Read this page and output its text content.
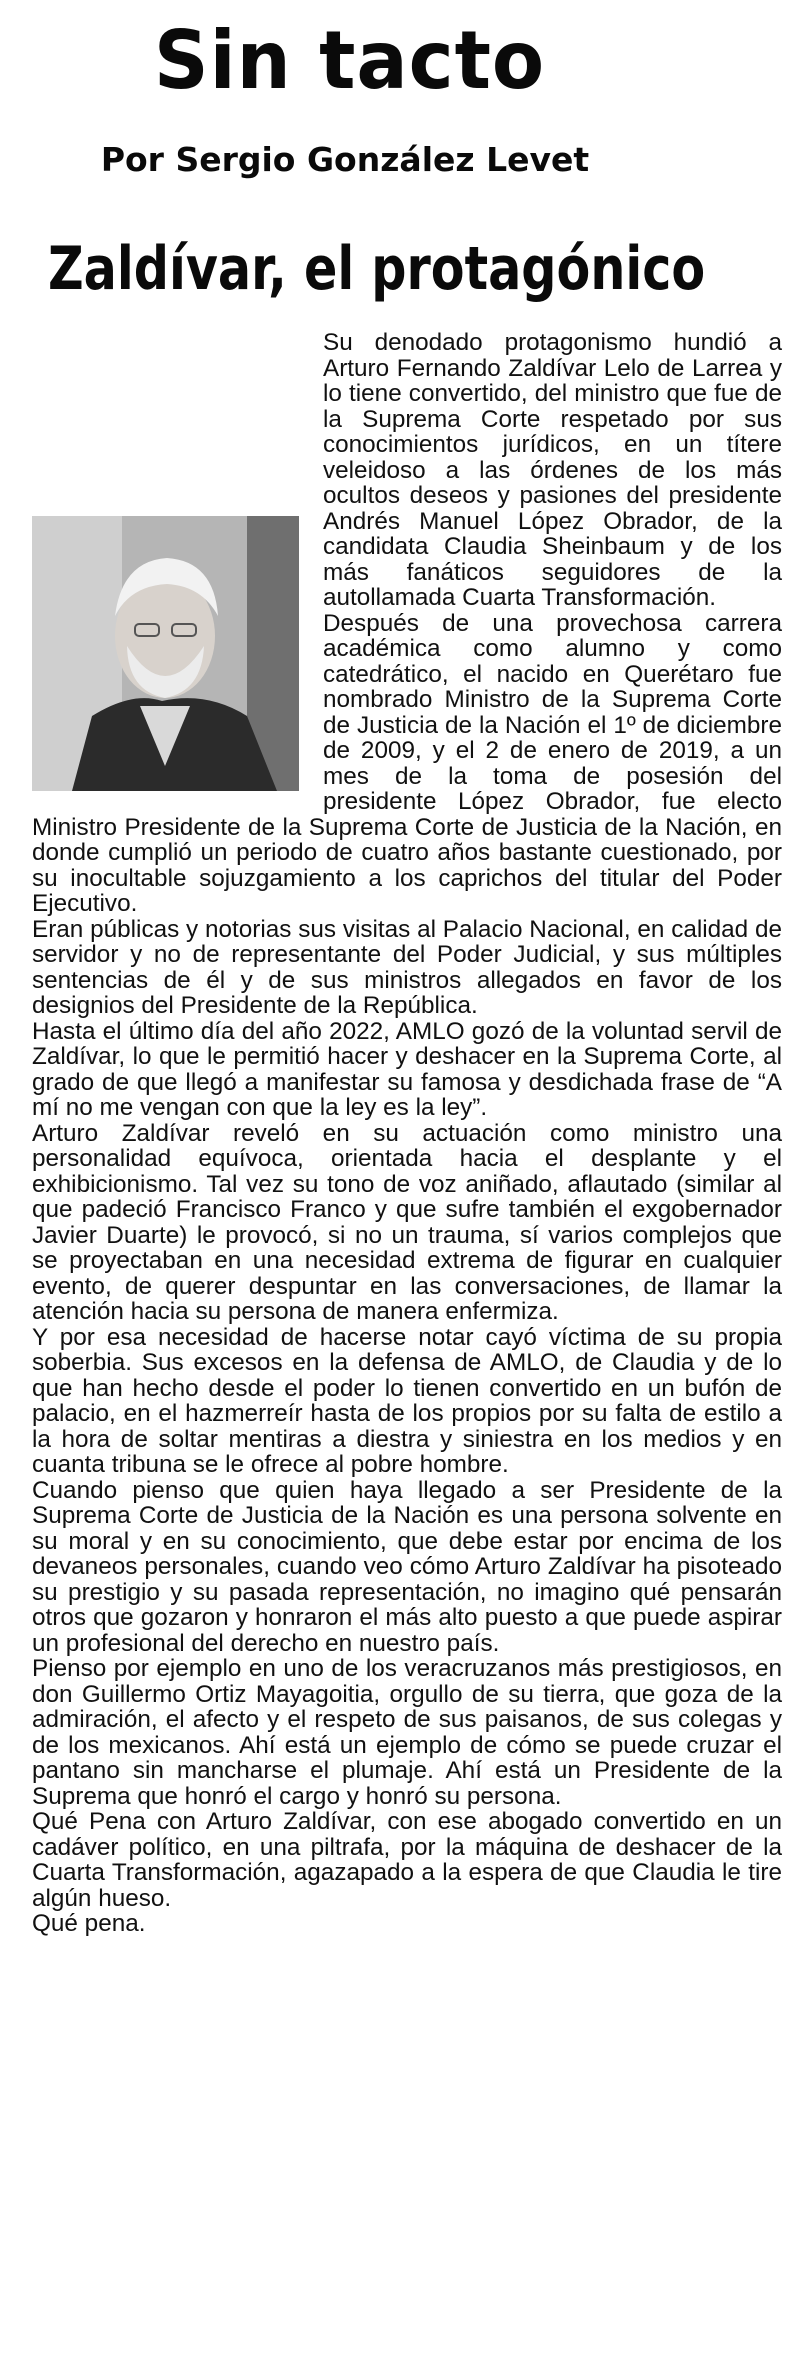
Sin tacto
Por Sergio González Levet
Zaldívar, el protagónico

Su denodado protagonismo hundió a Arturo Fernando Zaldívar Lelo de Larrea y lo tiene convertido, del ministro que fue de la Suprema Corte respetado por sus conocimientos jurídicos, en un títere veleidoso a las órdenes de los más ocultos deseos y pasiones del presidente Andrés Manuel López Obrador, de la candidata Claudia Sheinbaum y de los más fanáticos seguidores de la autollamada Cuarta Transformación.

Después de una provechosa carrera académica como alumno y como catedrático, el nacido en Querétaro fue nombrado Ministro de la Suprema Corte de Justicia de la Nación el 1º de diciembre de 2009, y el 2 de enero de 2019, a un mes de la toma de posesión del presidente López Obrador, fue electo Ministro Presidente de la Suprema Corte de Justicia de la Nación, en donde cumplió un periodo de cuatro años bastante cuestionado, por su inocultable sojuzgamiento a los caprichos del titular del Poder Ejecutivo.

Eran públicas y notorias sus visitas al Palacio Nacional, en calidad de servidor y no de representante del Poder Judicial, y sus múltiples sentencias de él y de sus ministros allegados en favor de los designios del Presidente de la República.

Hasta el último día del año 2022, AMLO gozó de la voluntad servil de Zaldívar, lo que le permitió hacer y deshacer en la Suprema Corte, al grado de que llegó a manifestar su famosa y desdichada frase de “A mí no me vengan con que la ley es la ley”.

Arturo Zaldívar reveló en su actuación como ministro una personalidad equívoca, orientada hacia el desplante y el exhibicionismo. Tal vez su tono de voz aniñado, aflautado (similar al que padeció Francisco Franco y que sufre también el exgobernador Javier Duarte) le provocó, si no un trauma, sí varios complejos que se proyectaban en una necesidad extrema de figurar en cualquier evento, de querer despuntar en las conversaciones, de llamar la atención hacia su persona de manera enfermiza.

Y por esa necesidad de hacerse notar cayó víctima de su propia soberbia. Sus excesos en la defensa de AMLO, de Claudia y de lo que han hecho desde el poder lo tienen convertido en un bufón de palacio, en el hazmerreír hasta de los propios por su falta de estilo a la hora de soltar mentiras a diestra y siniestra en los medios y en cuanta tribuna se le ofrece al pobre hombre.

Cuando pienso que quien haya llegado a ser Presidente de la Suprema Corte de Justicia de la Nación es una persona solvente en su moral y en su conocimiento, que debe estar por encima de los devaneos personales, cuando veo cómo Arturo Zaldívar ha pisoteado su prestigio y su pasada representación, no imagino qué pensarán otros que gozaron y honraron el más alto puesto a que puede aspirar un profesional del derecho en nuestro país.

Pienso por ejemplo en uno de los veracruzanos más prestigiosos, en don Guillermo Ortiz Mayagoitia, orgullo de su tierra, que goza de la admiración, el afecto y el respeto de sus paisanos, de sus colegas y de los mexicanos. Ahí está un ejemplo de cómo se puede cruzar el pantano sin mancharse el plumaje. Ahí está un Presidente de la Suprema que honró el cargo y honró su persona.

Qué Pena con Arturo Zaldívar, con ese abogado convertido en un cadáver político, en una piltrafa, por la máquina de deshacer de la Cuarta Transformación, agazapado a la espera de que Claudia le tire algún hueso.

Qué pena.
